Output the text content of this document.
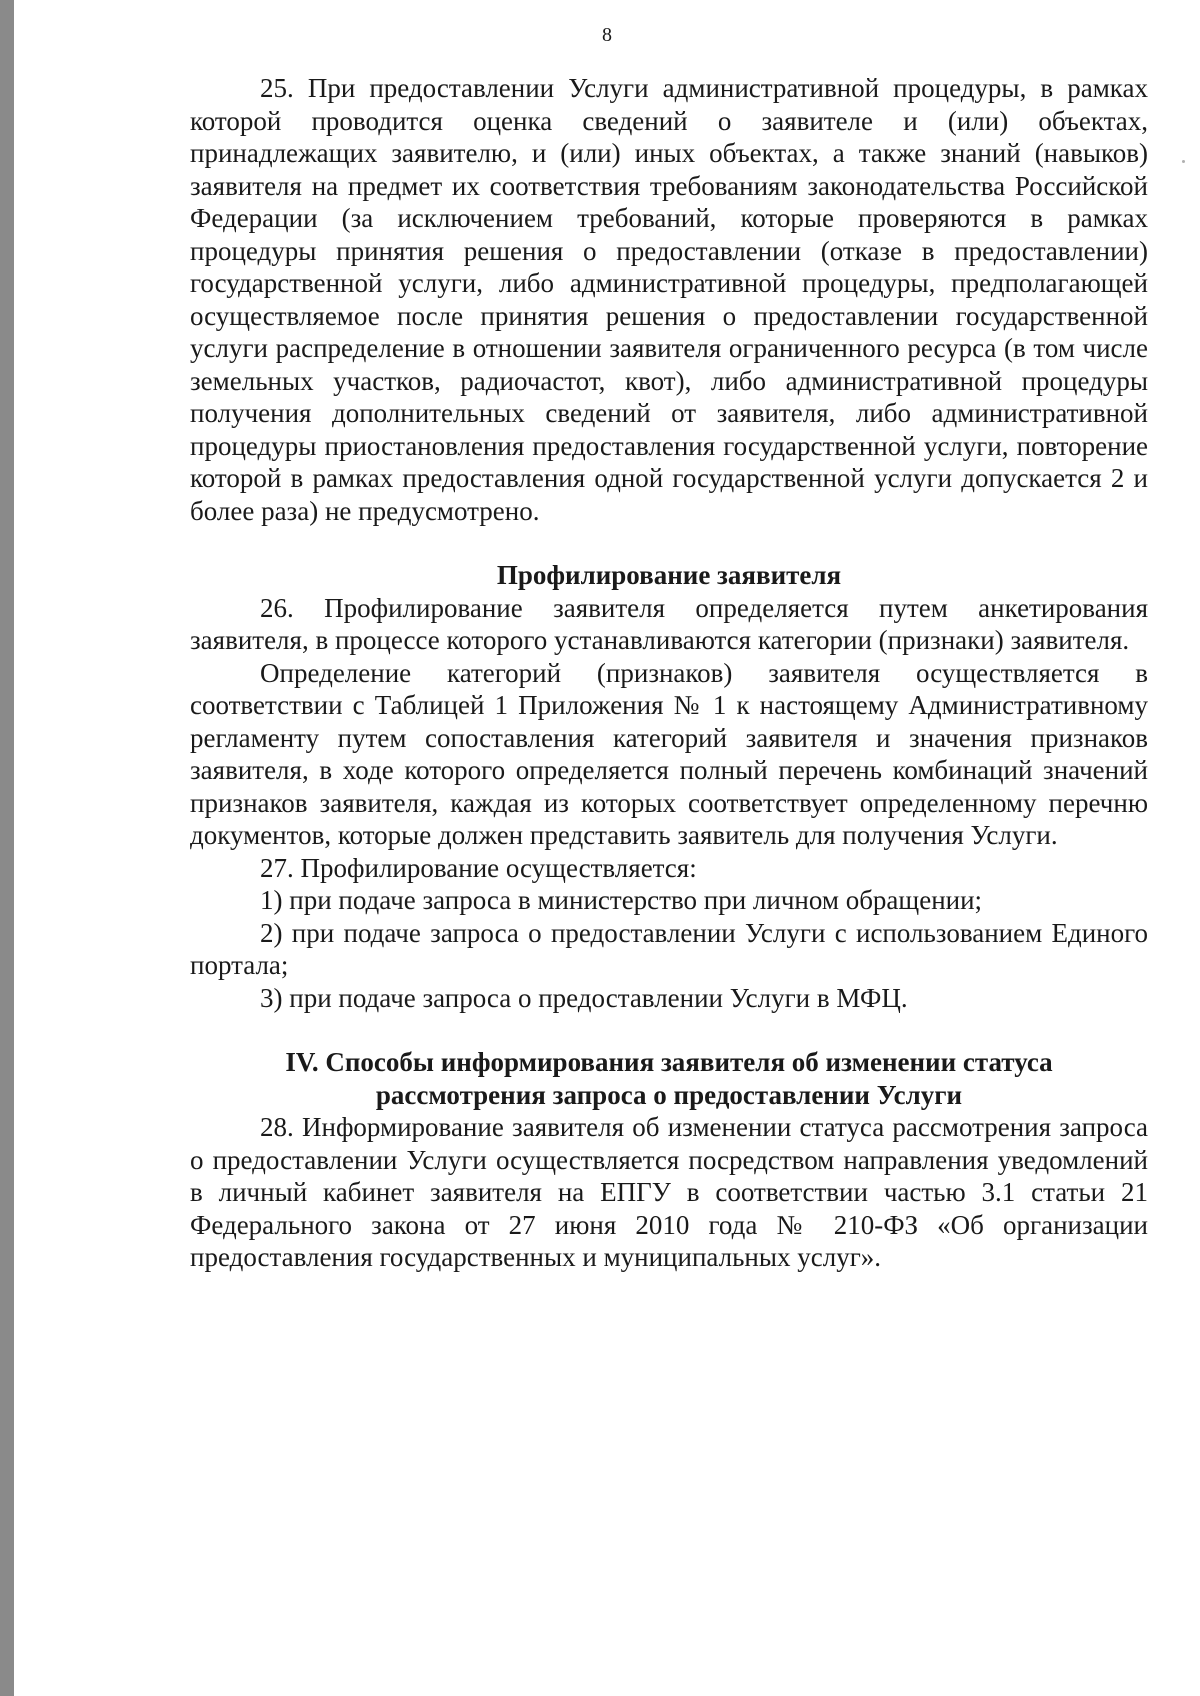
8

25. При предоставлении Услуги административной процедуры, в рамках которой проводится оценка сведений о заявителе и (или) объектах, принадлежащих заявителю, и (или) иных объектах, а также знаний (навыков) заявителя на предмет их соответствия требованиям законодательства Российской Федерации (за исключением требований, которые проверяются в рамках процедуры принятия решения о предоставлении (отказе в предоставлении) государственной услуги, либо административной процедуры, предполагающей осуществляемое после принятия решения о предоставлении государственной услуги распределение в отношении заявителя ограниченного ресурса (в том числе земельных участков, радиочастот, квот), либо административной процедуры получения дополнительных сведений от заявителя, либо административной процедуры приостановления предоставления государственной услуги, повторение которой в рамках предоставления одной государственной услуги допускается 2 и более раза) не предусмотрено.

Профилирование заявителя

26. Профилирование заявителя определяется путем анкетирования заявителя, в процессе которого устанавливаются категории (признаки) заявителя.

Определение категорий (признаков) заявителя осуществляется в соответствии с Таблицей 1 Приложения № 1 к настоящему Административному регламенту путем сопоставления категорий заявителя и значения признаков заявителя, в ходе которого определяется полный перечень комбинаций значений признаков заявителя, каждая из которых соответствует определенному перечню документов, которые должен представить заявитель для получения Услуги.

27. Профилирование осуществляется:

1) при подаче запроса в министерство при личном обращении;

2) при подаче запроса о предоставлении Услуги с использованием Единого портала;

3) при подаче запроса о предоставлении Услуги в МФЦ.

IV. Способы информирования заявителя об изменении статуса
рассмотрения запроса о предоставлении Услуги

28. Информирование заявителя об изменении статуса рассмотрения запроса о предоставлении Услуги осуществляется посредством направления уведомлений в личный кабинет заявителя на ЕПГУ в соответствии частью 3.1 статьи 21 Федерального закона от 27 июня 2010 года № 210-ФЗ «Об организации предоставления государственных и муниципальных услуг».
